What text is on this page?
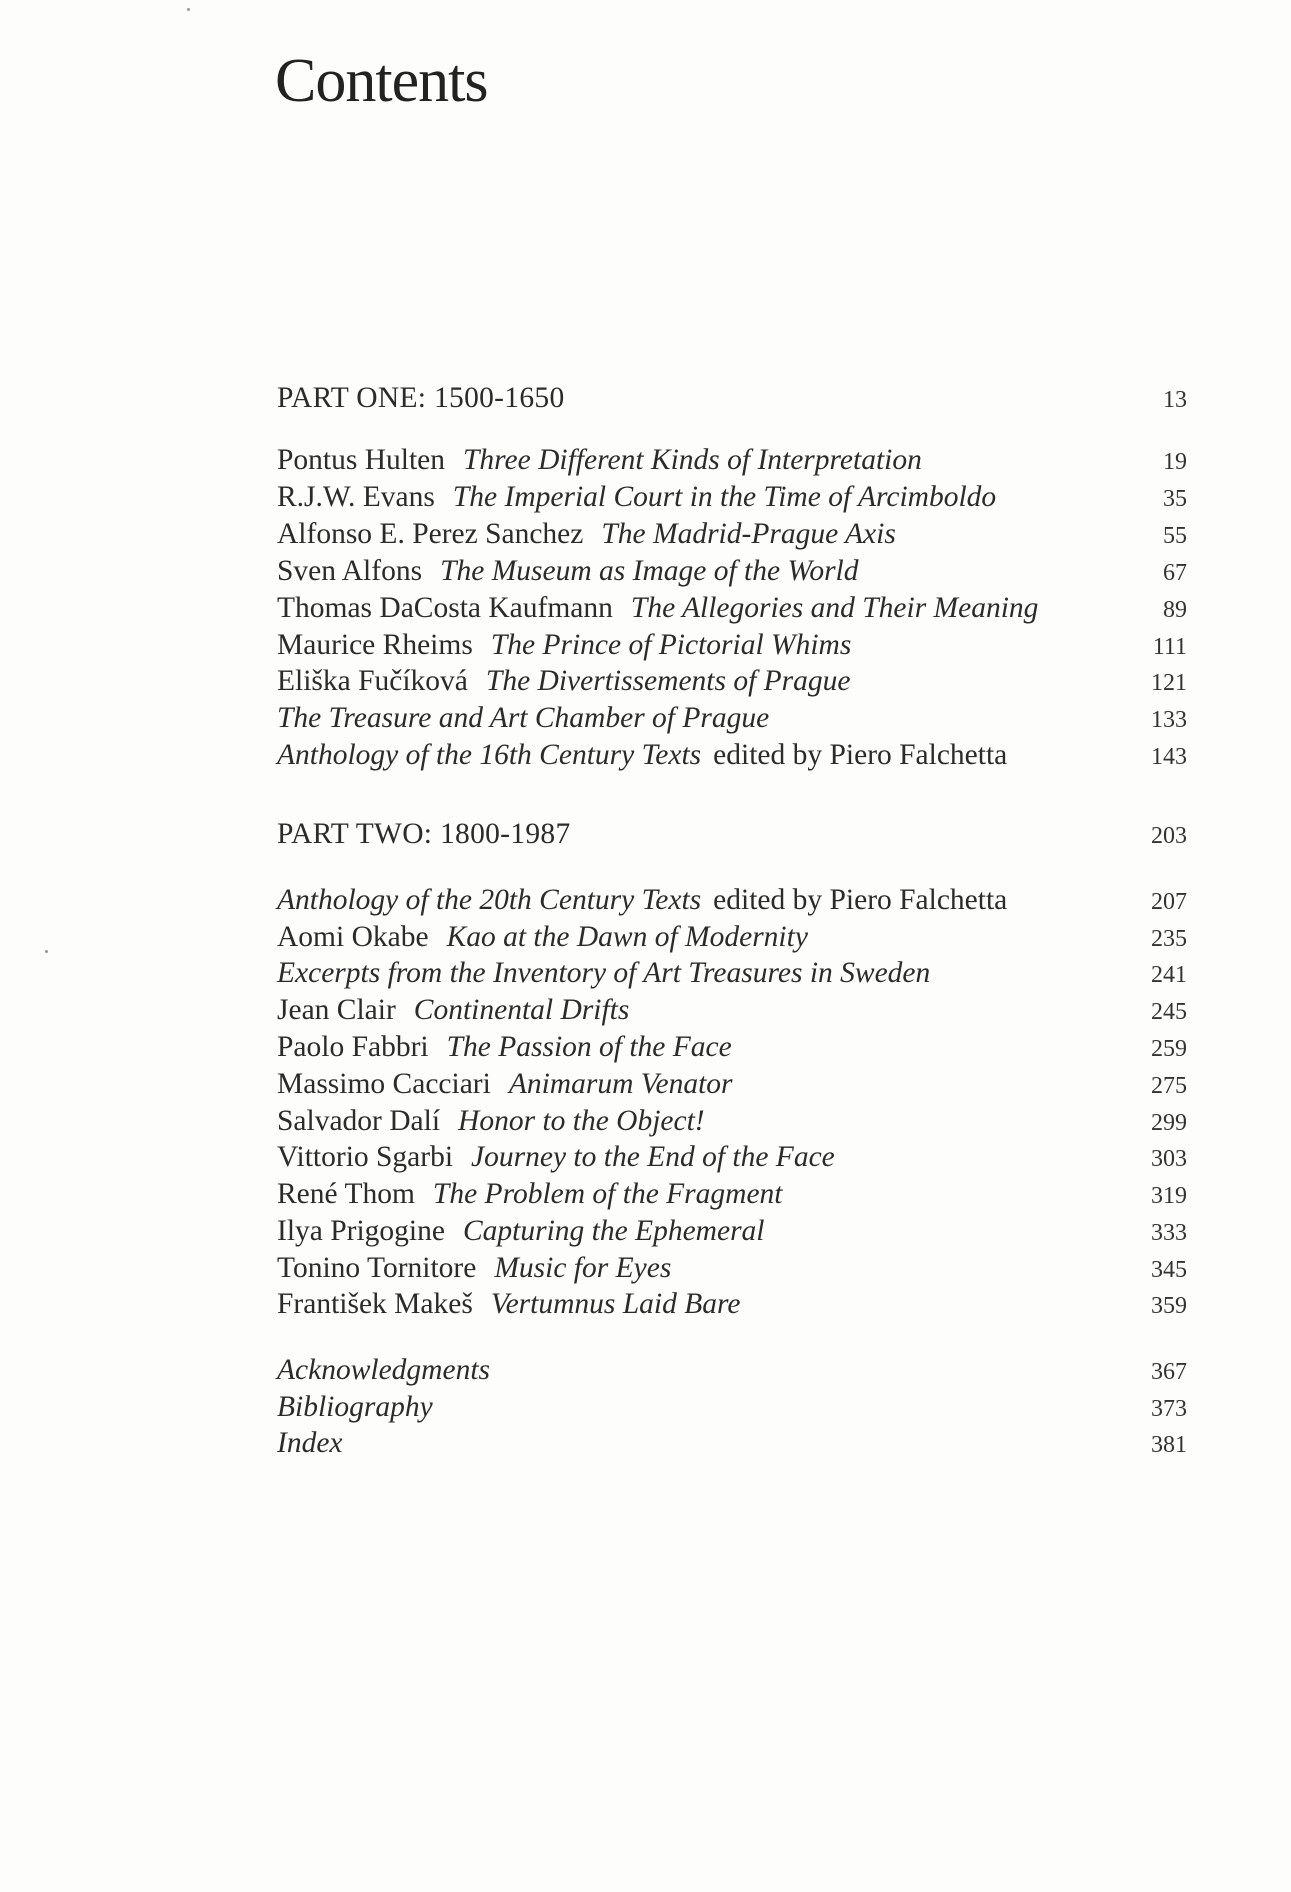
Contents
PART ONE: 1500-1650	13
Pontus Hulten Three Different Kinds of Interpretation	19
R.J.W. Evans The Imperial Court in the Time of Arcimboldo	35
Alfonso E. Perez Sanchez The Madrid-Prague Axis	55
Sven Alfons The Museum as Image of the World	67
Thomas DaCosta Kaufmann The Allegories and Their Meaning	89
Maurice Rheims The Prince of Pictorial Whims	111
Eliška Fučíková The Divertissements of Prague	121
The Treasure and Art Chamber of Prague	133
Anthology of the 16th Century Texts edited by Piero Falchetta	143
PART TWO: 1800-1987	203
Anthology of the 20th Century Texts edited by Piero Falchetta	207
Aomi Okabe Kao at the Dawn of Modernity	235
Excerpts from the Inventory of Art Treasures in Sweden	241
Jean Clair Continental Drifts	245
Paolo Fabbri The Passion of the Face	259
Massimo Cacciari Animarum Venator	275
Salvador Dalí Honor to the Object!	299
Vittorio Sgarbi Journey to the End of the Face	303
René Thom The Problem of the Fragment	319
Ilya Prigogine Capturing the Ephemeral	333
Tonino Tornitore Music for Eyes	345
František Makeš Vertumnus Laid Bare	359
Acknowledgments	367
Bibliography	373
Index	381
